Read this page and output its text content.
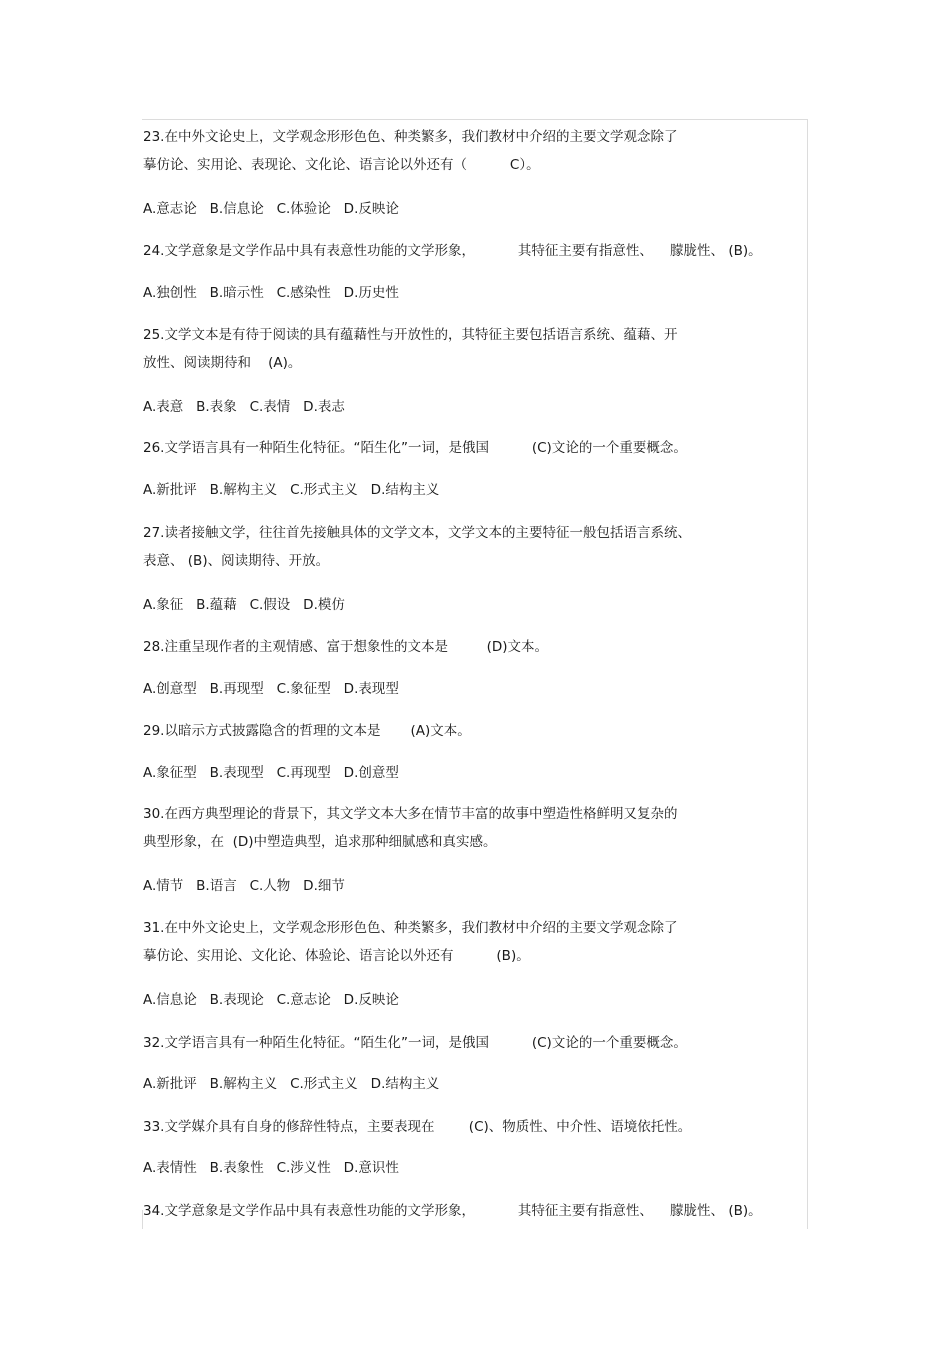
23.在中外文论史上，文学观念形形色色、种类繁多，我们教材中介绍的主要文学观念除了
摹仿论、实用论、表现论、文化论、语言论以外还有（          C）。
A.意志论   B.信息论   C.体验论   D.反映论
24.文学意象是文学作品中具有表意性功能的文学形象，          其特征主要有指意性、    朦胧性、 (B)。
A.独创性   B.暗示性   C.感染性   D.历史性
25.文学文本是有待于阅读的具有蕴藉性与开放性的，其特征主要包括语言系统、蕴藉、开
放性、阅读期待和    (A)。
A.表意   B.表象   C.表情   D.表志
26.文学语言具有一种陌生化特征。“陌生化”一词，是俄国          (C)文论的一个重要概念。
A.新批评   B.解构主义   C.形式主义   D.结构主义
27.读者接触文学，往往首先接触具体的文学文本，文学文本的主要特征一般包括语言系统、
表意、 (B)、阅读期待、开放。
A.象征   B.蕴藉   C.假设   D.模仿
28.注重呈现作者的主观情感、富于想象性的文本是         (D)文本。
A.创意型   B.再现型   C.象征型   D.表现型
29.以暗示方式披露隐含的哲理的文本是       (A)文本。
A.象征型   B.表现型   C.再现型   D.创意型
30.在西方典型理论的背景下，其文学文本大多在情节丰富的故事中塑造性格鲜明又复杂的
典型形象，在  (D)中塑造典型，追求那种细腻感和真实感。
A.情节   B.语言   C.人物   D.细节
31.在中外文论史上，文学观念形形色色、种类繁多，我们教材中介绍的主要文学观念除了
摹仿论、实用论、文化论、体验论、语言论以外还有          (B)。
A.信息论   B.表现论   C.意志论   D.反映论
32.文学语言具有一种陌生化特征。“陌生化”一词，是俄国          (C)文论的一个重要概念。
A.新批评   B.解构主义   C.形式主义   D.结构主义
33.文学媒介具有自身的修辞性特点，主要表现在        (C)、物质性、中介性、语境依托性。
A.表情性   B.表象性   C.涉义性   D.意识性
34.文学意象是文学作品中具有表意性功能的文学形象，          其特征主要有指意性、    朦胧性、 (B)。
